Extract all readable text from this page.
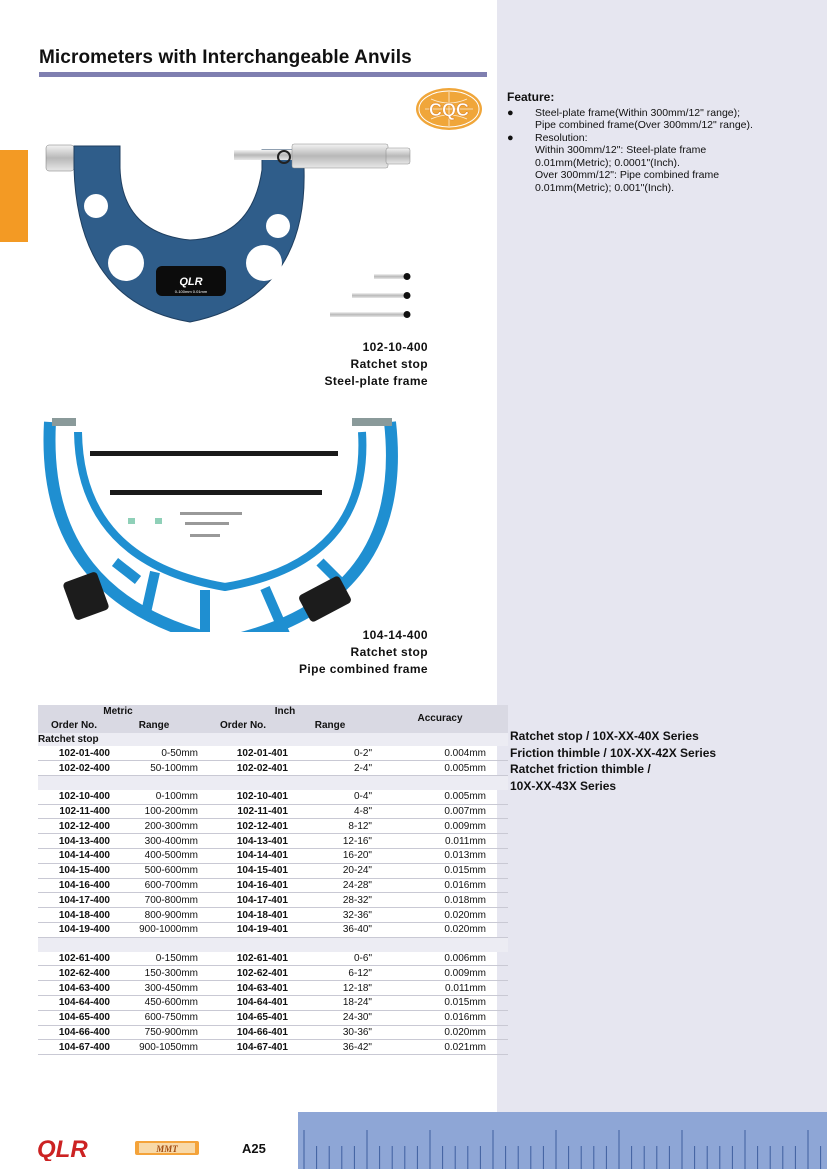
Micrometers with Interchangeable Anvils
CQC
Feature:
●	Steel-plate frame(Within 300mm/12" range);
Pipe combined frame(Over 300mm/12" range).
●	Resolution:
Within 300mm/12": Steel-plate frame
0.01mm(Metric); 0.0001"(Inch).
Over 300mm/12": Pipe combined frame
0.01mm(Metric); 0.001"(Inch).
QLR
0-100mm 0.01mm
102-10-400
Ratchet stop
Steel-plate frame
104-14-400
Ratchet stop
Pipe combined frame
Metric		Inch		Accuracy
Order No.	Range	Order No.	Range	
Ratchet stop				
102-01-400	0-50mm	102-01-401	0-2"	0.004mm
102-02-400	50-100mm	102-02-401	2-4"	0.005mm

102-10-400	0-100mm	102-10-401	0-4"	0.005mm
102-11-400	100-200mm	102-11-401	4-8"	0.007mm
102-12-400	200-300mm	102-12-401	8-12"	0.009mm
104-13-400	300-400mm	104-13-401	12-16"	0.011mm
104-14-400	400-500mm	104-14-401	16-20"	0.013mm
104-15-400	500-600mm	104-15-401	20-24"	0.015mm
104-16-400	600-700mm	104-16-401	24-28"	0.016mm
104-17-400	700-800mm	104-17-401	28-32"	0.018mm
104-18-400	800-900mm	104-18-401	32-36"	0.020mm
104-19-400	900-1000mm	104-19-401	36-40"	0.020mm

102-61-400	0-150mm	102-61-401	0-6"	0.006mm
102-62-400	150-300mm	102-62-401	6-12"	0.009mm
104-63-400	300-450mm	104-63-401	12-18"	0.011mm
104-64-400	450-600mm	104-64-401	18-24"	0.015mm
104-65-400	600-750mm	104-65-401	24-30"	0.016mm
104-66-400	750-900mm	104-66-401	30-36"	0.020mm
104-67-400	900-1050mm	104-67-401	36-42"	0.021mm
Ratchet stop / 10X-XX-40X Series
Friction thimble / 10X-XX-42X Series
Ratchet friction thimble /
10X-XX-43X Series
QLR	MMT	A25
